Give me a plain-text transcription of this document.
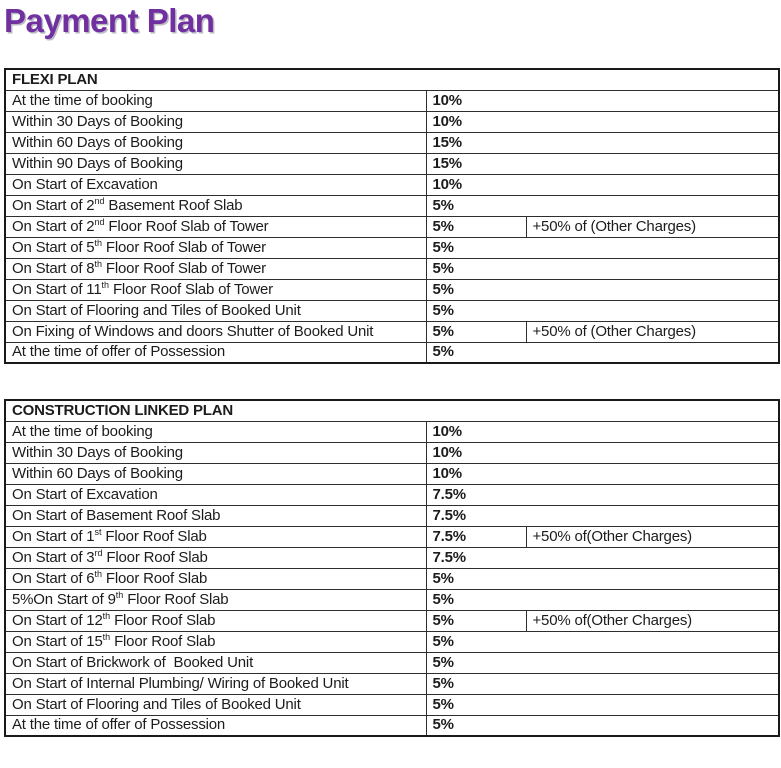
Payment Plan
FLEXI PLAN		
At the time of booking	10%	
Within 30 Days of Booking	10%	
Within 60 Days of Booking	15%	
Within 90 Days of Booking	15%	
On Start of Excavation	10%	
On Start of 2nd Basement Roof Slab	5%	
On Start of 2nd Floor Roof Slab of Tower	5%	+50% of (Other Charges)
On Start of 5th Floor Roof Slab of Tower	5%	
On Start of 8th Floor Roof Slab of Tower	5%	
On Start of 11th Floor Roof Slab of Tower	5%	
On Start of Flooring and Tiles of Booked Unit	5%	
On Fixing of Windows and doors Shutter of Booked Unit	5%	+50% of (Other Charges)
At the time of offer of Possession	5%	
CONSTRUCTION LINKED PLAN		
At the time of booking	10%	
Within 30 Days of Booking	10%	
Within 60 Days of Booking	10%	
On Start of Excavation	7.5%	
On Start of Basement Roof Slab	7.5%	
On Start of 1st Floor Roof Slab	7.5%	+50% of(Other Charges)
On Start of 3rd Floor Roof Slab	7.5%	
On Start of 6th Floor Roof Slab	5%	
5%On Start of 9th Floor Roof Slab	5%	
On Start of 12th Floor Roof Slab	5%	+50% of(Other Charges)
On Start of 15th Floor Roof Slab	5%	
On Start of Brickwork of  Booked Unit	5%	
On Start of Internal Plumbing/ Wiring of Booked Unit	5%	
On Start of Flooring and Tiles of Booked Unit	5%	
At the time of offer of Possession	5%	
